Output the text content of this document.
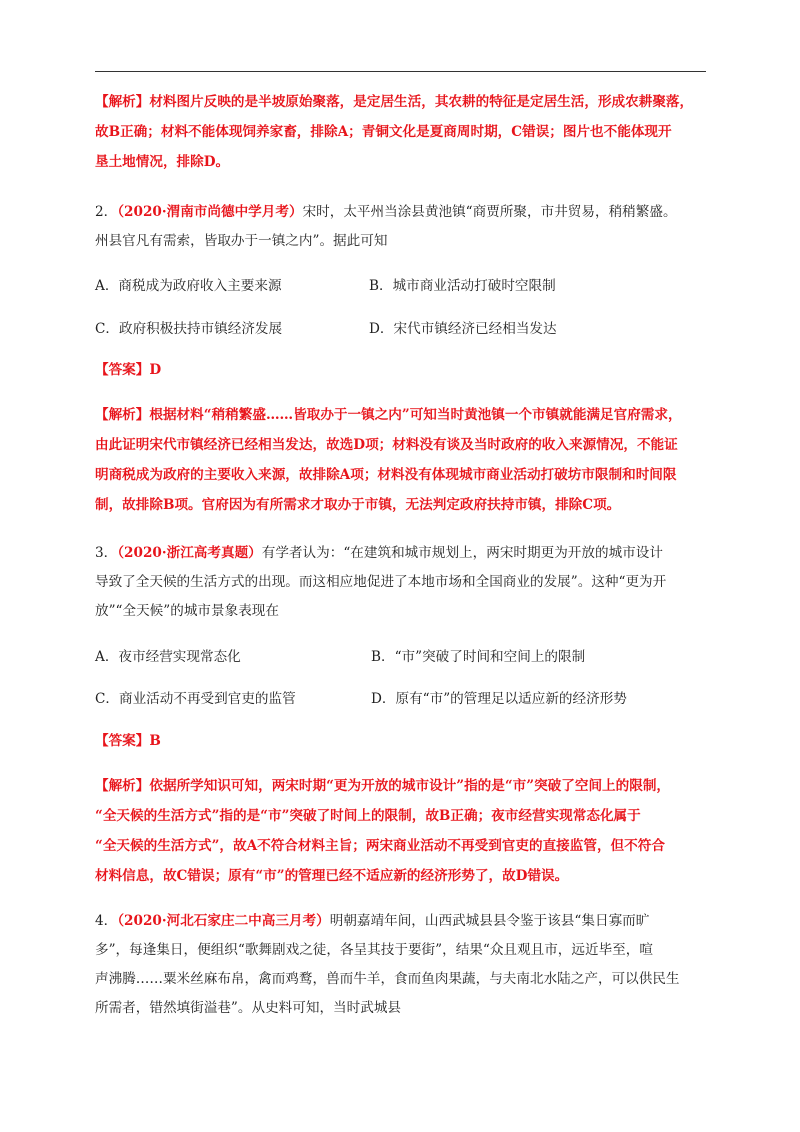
【解析】材料图片反映的是半坡原始聚落，是定居生活，其农耕的特征是定居生活，形成农耕聚落，
故B正确；材料不能体现饲养家畜，排除A；青铜文化是夏商周时期，C错误；图片也不能体现开
垦土地情况，排除D。
2．（2020·渭南市尚德中学月考）宋时，太平州当涂县黄池镇“商贾所聚，市井贸易，稍稍繁盛。
州县官凡有需索，皆取办于一镇之内”。据此可知
A．商税成为政府收入主要来源	B．城市商业活动打破时空限制
C．政府积极扶持市镇经济发展	D．宋代市镇经济已经相当发达
【答案】D
【解析】根据材料“稍稍繁盛……皆取办于一镇之内”可知当时黄池镇一个市镇就能满足官府需求，
由此证明宋代市镇经济已经相当发达，故选D项；材料没有谈及当时政府的收入来源情况，不能证
明商税成为政府的主要收入来源，故排除A项；材料没有体现城市商业活动打破坊市限制和时间限
制，故排除B项。官府因为有所需求才取办于市镇，无法判定政府扶持市镇，排除C项。
3．（2020·浙江高考真题）有学者认为：“在建筑和城市规划上，两宋时期更为开放的城市设计
导致了全天候的生活方式的出现。而这相应地促进了本地市场和全国商业的发展”。这种“更为开
放”“全天候”的城市景象表现在
A．夜市经营实现常态化	B．“市”突破了时间和空间上的限制
C．商业活动不再受到官吏的监管	D．原有“市”的管理足以适应新的经济形势
【答案】B
【解析】依据所学知识可知，两宋时期“更为开放的城市设计”指的是“市”突破了空间上的限制，
“全天候的生活方式”指的是“市”突破了时间上的限制，故B正确；夜市经营实现常态化属于
“全天候的生活方式”，故A不符合材料主旨；两宋商业活动不再受到官吏的直接监管，但不符合
材料信息，故C错误；原有“市”的管理已经不适应新的经济形势了，故D错误。
4．（2020·河北石家庄二中高三月考）明朝嘉靖年间，山西武城县县令鉴于该县“集日寡而旷
多”，每逢集日，便组织“歌舞剧戏之徒，各呈其技于要街”，结果“众且观且市，远近毕至，喧
声沸腾……粟米丝麻布帛，禽而鸡鹜，兽而牛羊，食而鱼肉果蔬，与夫南北水陆之产，可以供民生
所需者，错然填街溢巷”。从史料可知，当时武城县
